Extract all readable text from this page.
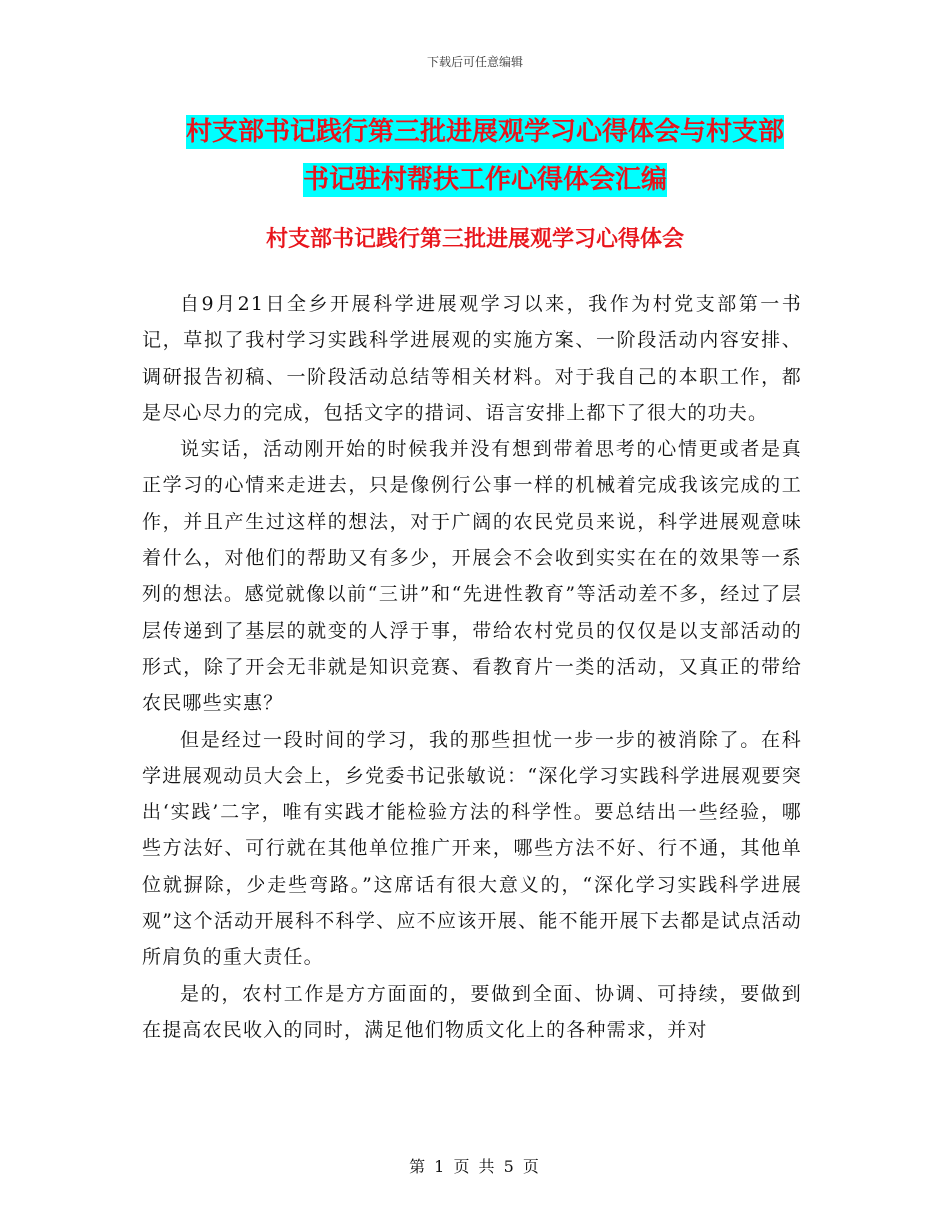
下载后可任意编辑
村支部书记践行第三批进展观学习心得体会与村支部
书记驻村帮扶工作心得体会汇编
村支部书记践行第三批进展观学习心得体会

自9月21日全乡开展科学进展观学习以来，我作为村党支部第一书记，草拟了我村学习实践科学进展观的实施方案、一阶段活动内容安排、调研报告初稿、一阶段活动总结等相关材料。对于我自己的本职工作，都是尽心尽力的完成，包括文字的措词、语言安排上都下了很大的功夫。

说实话，活动刚开始的时候我并没有想到带着思考的心情更或者是真正学习的心情来走进去，只是像例行公事一样的机械着完成我该完成的工作，并且产生过这样的想法，对于广阔的农民党员来说，科学进展观意味着什么，对他们的帮助又有多少，开展会不会收到实实在在的效果等一系列的想法。感觉就像以前“三讲”和“先进性教育”等活动差不多，经过了层层传递到了基层的就变的人浮于事，带给农村党员的仅仅是以支部活动的形式，除了开会无非就是知识竞赛、看教育片一类的活动，又真正的带给农民哪些实惠？

但是经过一段时间的学习，我的那些担忧一步一步的被消除了。在科学进展观动员大会上，乡党委书记张敏说：“深化学习实践科学进展观要突出‘实践’二字，唯有实践才能检验方法的科学性。要总结出一些经验，哪些方法好、可行就在其他单位推广开来，哪些方法不好、行不通，其他单位就摒除，少走些弯路。”这席话有很大意义的，“深化学习实践科学进展观”这个活动开展科不科学、应不应该开展、能不能开展下去都是试点活动所肩负的重大责任。

是的，农村工作是方方面面的，要做到全面、协调、可持续，要做到在提高农民收入的同时，满足他们物质文化上的各种需求，并对

第 1 页 共 5 页
